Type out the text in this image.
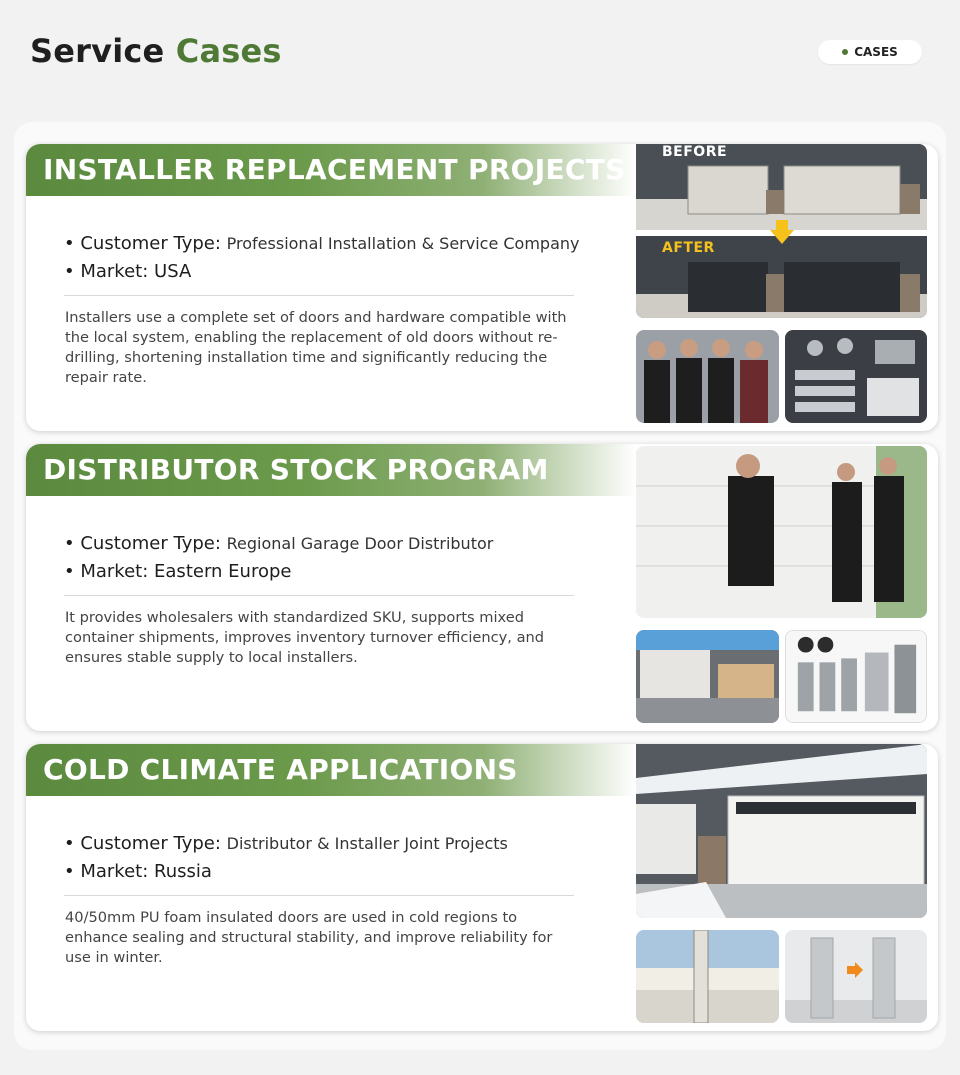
Service Cases	CASES
INSTALLER REPLACEMENT PROJECTS
• Customer Type: Professional Installation & Service Company
• Market: USA
Installers use a complete set of doors and hardware compatible with the local system, enabling the replacement of old doors without re-drilling, shortening installation time and significantly reducing the repair rate.
BEFORE
AFTER
DISTRIBUTOR STOCK PROGRAM
• Customer Type: Regional Garage Door Distributor
• Market: Eastern Europe
It provides wholesalers with standardized SKU, supports mixed container shipments, improves inventory turnover efficiency, and ensures stable supply to local installers.
COLD CLIMATE APPLICATIONS
• Customer Type: Distributor & Installer Joint Projects
• Market: Russia
40/50mm PU foam insulated doors are used in cold regions to enhance sealing and structural stability, and improve reliability for use in winter.
